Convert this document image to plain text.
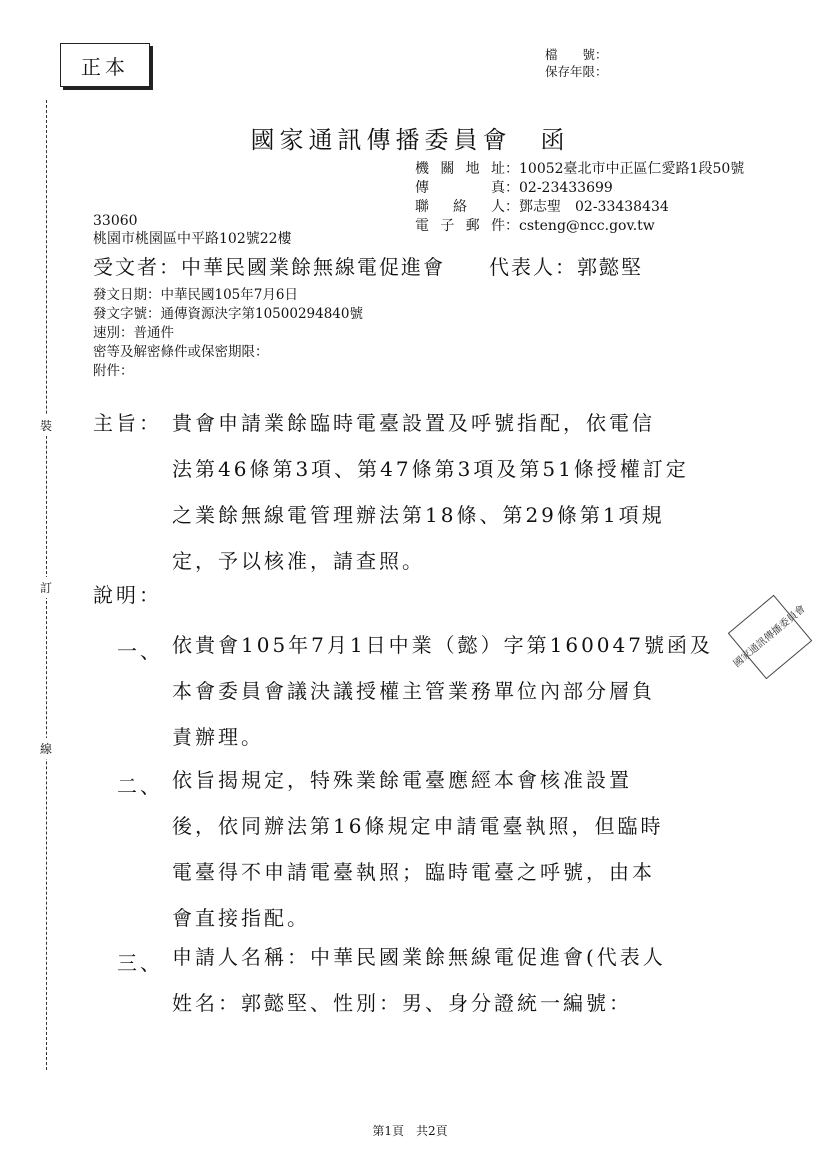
正本	檔　　號：
保存年限：
裝
訂
線
國家通訊傳播委員會　函
機關地址 ：10052臺北市中正區仁愛路1段50號
傳　　真 ：02-23433699
聯 絡 人 ：鄧志聖　02-33438434
電子郵件 ：csteng@ncc.gov.tw
33060
桃園市桃園區中平路102號22樓
受文者：中華民國業餘無線電促進會　　代表人：郭懿堅
發文日期：中華民國105年7月6日
發文字號：通傳資源決字第10500294840號
速別：普通件
密等及解密條件或保密期限：
附件：
主旨： 貴會申請業餘臨時電臺設置及呼號指配，依電信
法第46條第3項、第47條第3項及第51條授權訂定
之業餘無線電管理辦法第18條、第29條第1項規
定，予以核准，請查照。
說明：
一、 依貴會105年7月1日中業（懿）字第160047號函及
本會委員會議決議授權主管業務單位內部分層負
責辦理。
二、 依旨揭規定，特殊業餘電臺應經本會核准設置
後，依同辦法第16條規定申請電臺執照，但臨時
電臺得不申請電臺執照；臨時電臺之呼號，由本
會直接指配。
三、 申請人名稱：中華民國業餘無線電促進會(代表人
姓名：郭懿堅、性別：男、身分證統一編號：
國家通訊傳播委員會
第1頁　共2頁
